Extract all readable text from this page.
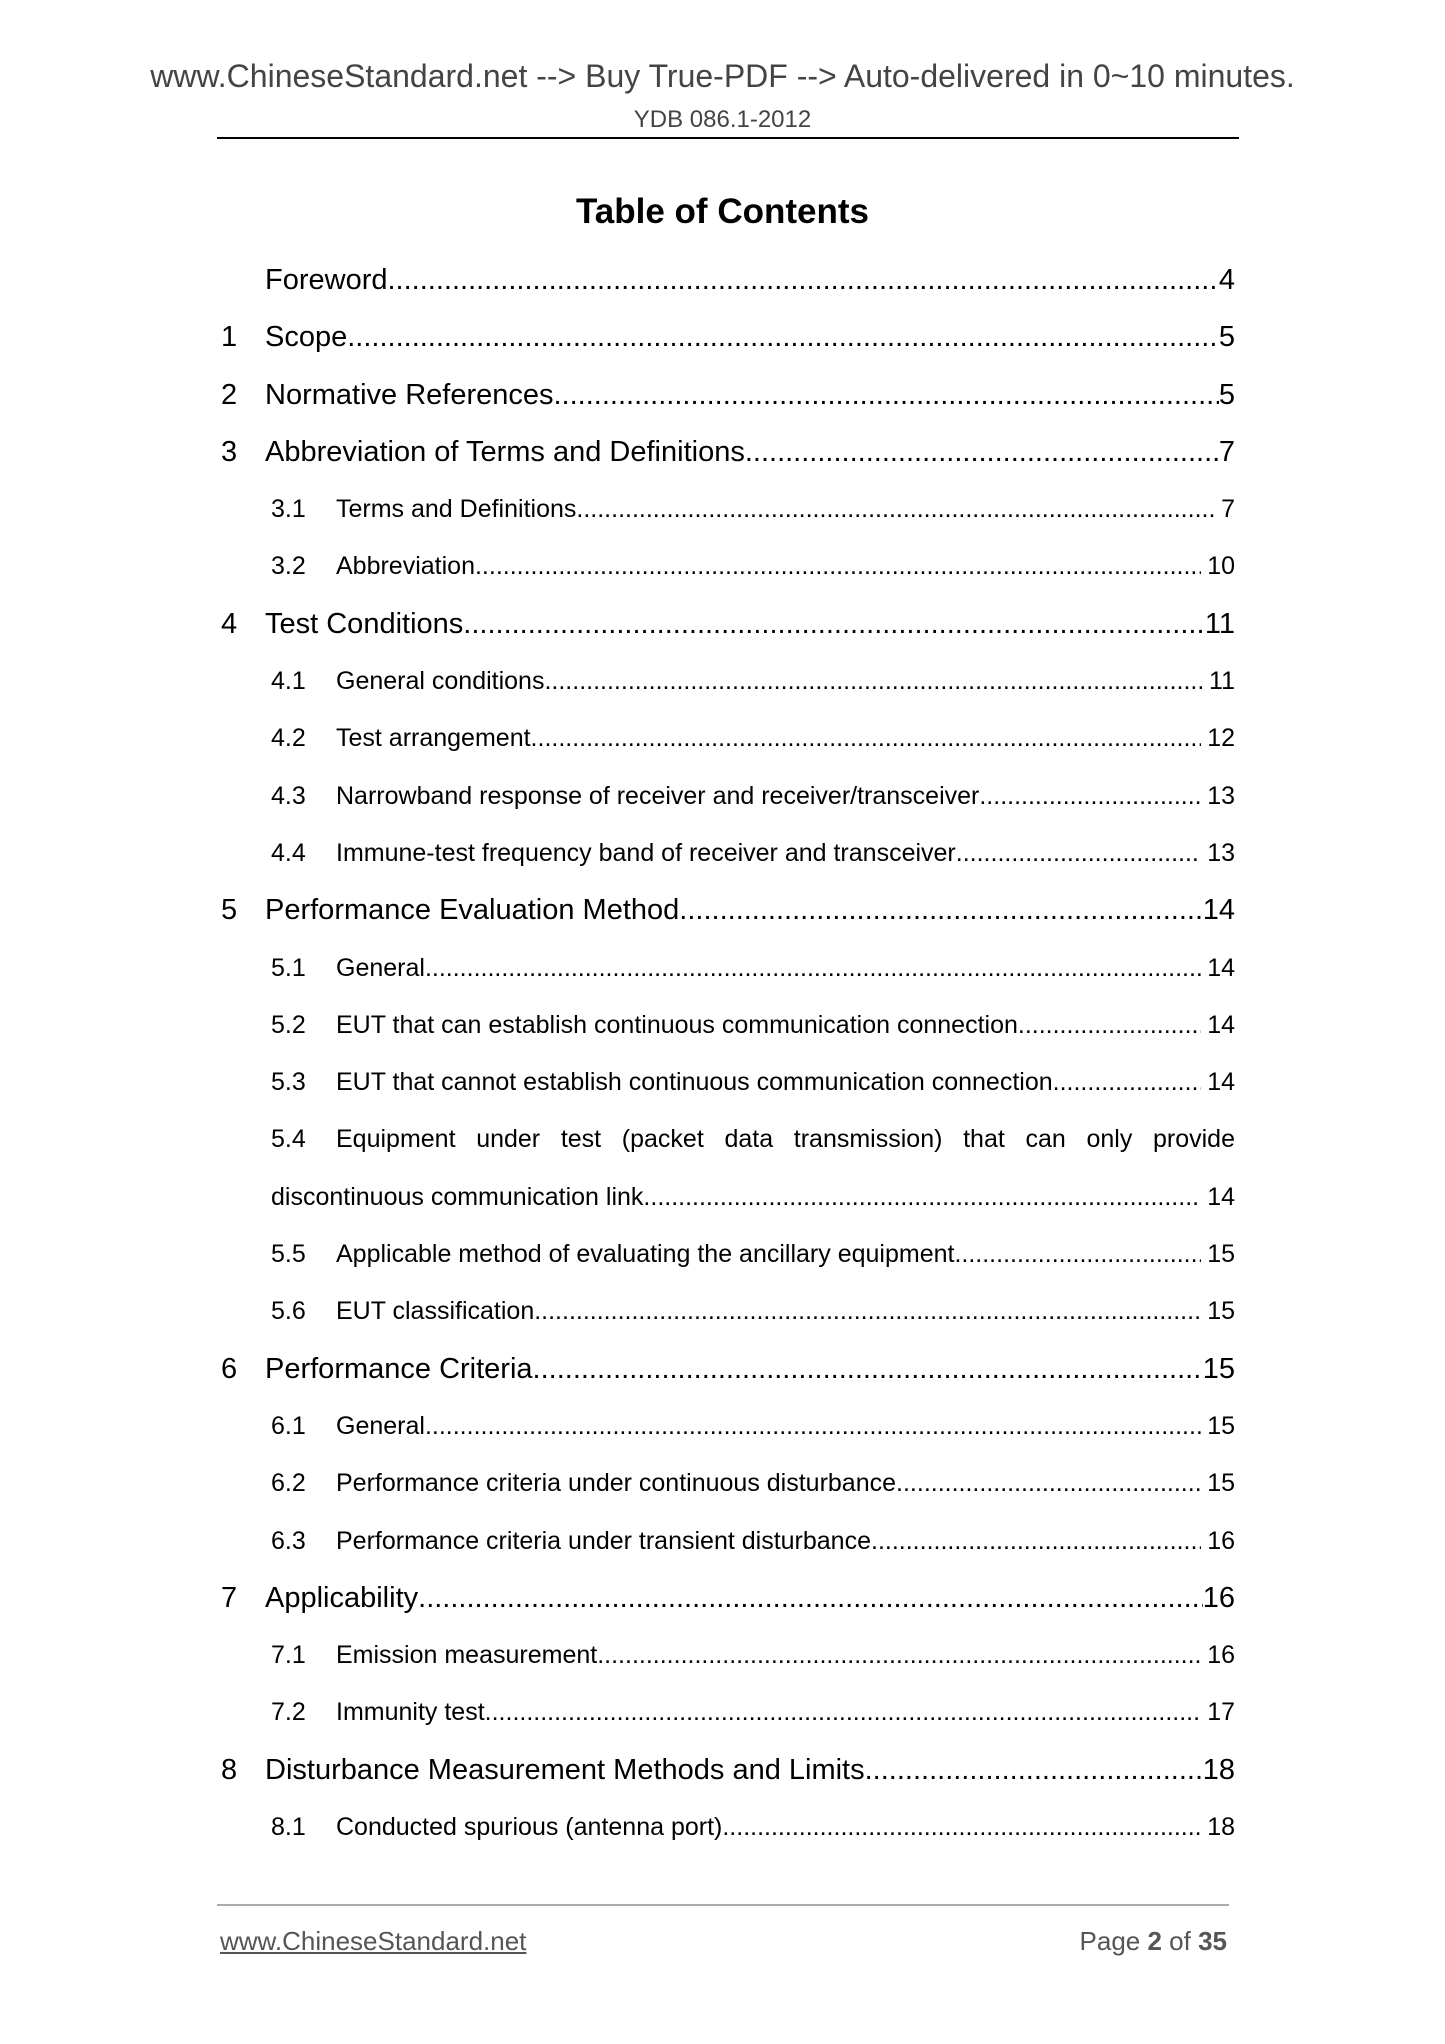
www.ChineseStandard.net --> Buy True-PDF --> Auto-delivered in 0~10 minutes.
YDB 086.1-2012
Table of Contents
Foreword .....	4
1 Scope .....	5
2 Normative References .....	5
3 Abbreviation of Terms and Definitions .....	7
3.1	Terms and Definitions .....	7
3.2	Abbreviation .....	10
4 Test Conditions .....	11
4.1	General conditions .....	11
4.2	Test arrangement .....	12
4.3	Narrowband response of receiver and receiver/transceiver .....	13
4.4	Immune-test frequency band of receiver and transceiver .....	13
5 Performance Evaluation Method .....	14
5.1	General .....	14
5.2	EUT that can establish continuous communication connection .....	14
5.3	EUT that cannot establish continuous communication connection .....	14
5.4	Equipment under test (packet data transmission) that can only provide
discontinuous communication link .....	14
5.5	Applicable method of evaluating the ancillary equipment .....	15
5.6	EUT classification .....	15
6 Performance Criteria .....	15
6.1	General .....	15
6.2	Performance criteria under continuous disturbance .....	15
6.3	Performance criteria under transient disturbance .....	16
7 Applicability .....	16
7.1	Emission measurement .....	16
7.2	Immunity test .....	17
8 Disturbance Measurement Methods and Limits .....	18
8.1	Conducted spurious (antenna port) .....	18
www.ChineseStandard.net	Page 2 of 35
